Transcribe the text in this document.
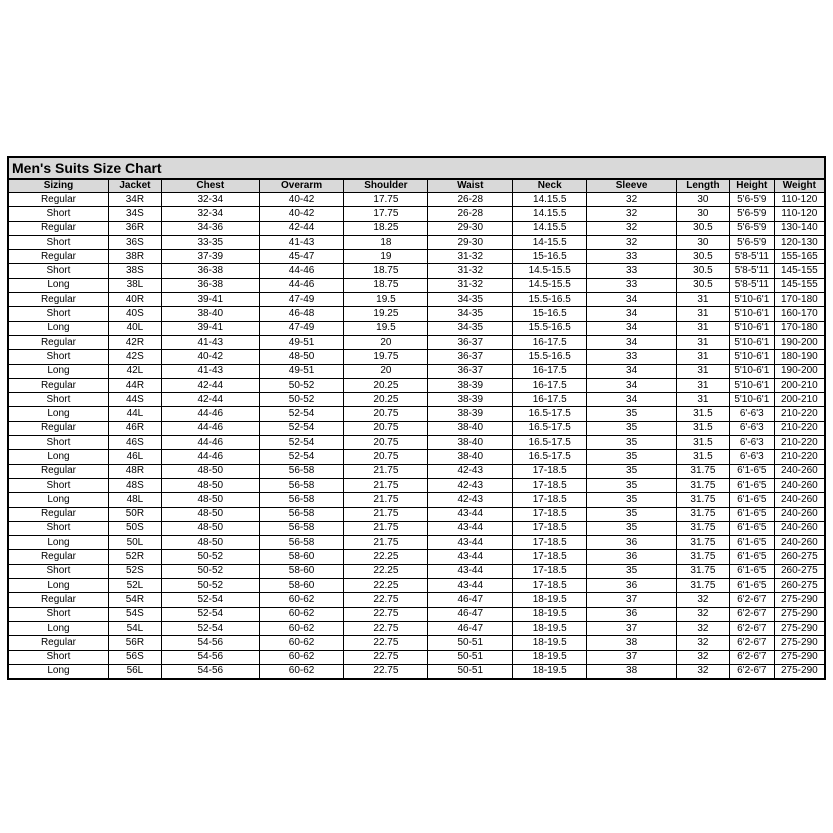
Men's Suits Size Chart
Sizing	Jacket	Chest	Overarm	Shoulder	Waist	Neck	Sleeve	Length	Height	Weight
Regular	34R	32-34	40-42	17.75	26-28	14.15.5	32	30	5'6-5'9	110-120
Short	34S	32-34	40-42	17.75	26-28	14.15.5	32	30	5'6-5'9	110-120
Regular	36R	34-36	42-44	18.25	29-30	14.15.5	32	30.5	5'6-5'9	130-140
Short	36S	33-35	41-43	18	29-30	14-15.5	32	30	5'6-5'9	120-130
Regular	38R	37-39	45-47	19	31-32	15-16.5	33	30.5	5'8-5'11	155-165
Short	38S	36-38	44-46	18.75	31-32	14.5-15.5	33	30.5	5'8-5'11	145-155
Long	38L	36-38	44-46	18.75	31-32	14.5-15.5	33	30.5	5'8-5'11	145-155
Regular	40R	39-41	47-49	19.5	34-35	15.5-16.5	34	31	5'10-6'1	170-180
Short	40S	38-40	46-48	19.25	34-35	15-16.5	34	31	5'10-6'1	160-170
Long	40L	39-41	47-49	19.5	34-35	15.5-16.5	34	31	5'10-6'1	170-180
Regular	42R	41-43	49-51	20	36-37	16-17.5	34	31	5'10-6'1	190-200
Short	42S	40-42	48-50	19.75	36-37	15.5-16.5	33	31	5'10-6'1	180-190
Long	42L	41-43	49-51	20	36-37	16-17.5	34	31	5'10-6'1	190-200
Regular	44R	42-44	50-52	20.25	38-39	16-17.5	34	31	5'10-6'1	200-210
Short	44S	42-44	50-52	20.25	38-39	16-17.5	34	31	5'10-6'1	200-210
Long	44L	44-46	52-54	20.75	38-39	16.5-17.5	35	31.5	6'-6'3	210-220
Regular	46R	44-46	52-54	20.75	38-40	16.5-17.5	35	31.5	6'-6'3	210-220
Short	46S	44-46	52-54	20.75	38-40	16.5-17.5	35	31.5	6'-6'3	210-220
Long	46L	44-46	52-54	20.75	38-40	16.5-17.5	35	31.5	6'-6'3	210-220
Regular	48R	48-50	56-58	21.75	42-43	17-18.5	35	31.75	6'1-6'5	240-260
Short	48S	48-50	56-58	21.75	42-43	17-18.5	35	31.75	6'1-6'5	240-260
Long	48L	48-50	56-58	21.75	42-43	17-18.5	35	31.75	6'1-6'5	240-260
Regular	50R	48-50	56-58	21.75	43-44	17-18.5	35	31.75	6'1-6'5	240-260
Short	50S	48-50	56-58	21.75	43-44	17-18.5	35	31.75	6'1-6'5	240-260
Long	50L	48-50	56-58	21.75	43-44	17-18.5	36	31.75	6'1-6'5	240-260
Regular	52R	50-52	58-60	22.25	43-44	17-18.5	36	31.75	6'1-6'5	260-275
Short	52S	50-52	58-60	22.25	43-44	17-18.5	35	31.75	6'1-6'5	260-275
Long	52L	50-52	58-60	22.25	43-44	17-18.5	36	31.75	6'1-6'5	260-275
Regular	54R	52-54	60-62	22.75	46-47	18-19.5	37	32	6'2-6'7	275-290
Short	54S	52-54	60-62	22.75	46-47	18-19.5	36	32	6'2-6'7	275-290
Long	54L	52-54	60-62	22.75	46-47	18-19.5	37	32	6'2-6'7	275-290
Regular	56R	54-56	60-62	22.75	50-51	18-19.5	38	32	6'2-6'7	275-290
Short	56S	54-56	60-62	22.75	50-51	18-19.5	37	32	6'2-6'7	275-290
Long	56L	54-56	60-62	22.75	50-51	18-19.5	38	32	6'2-6'7	275-290
